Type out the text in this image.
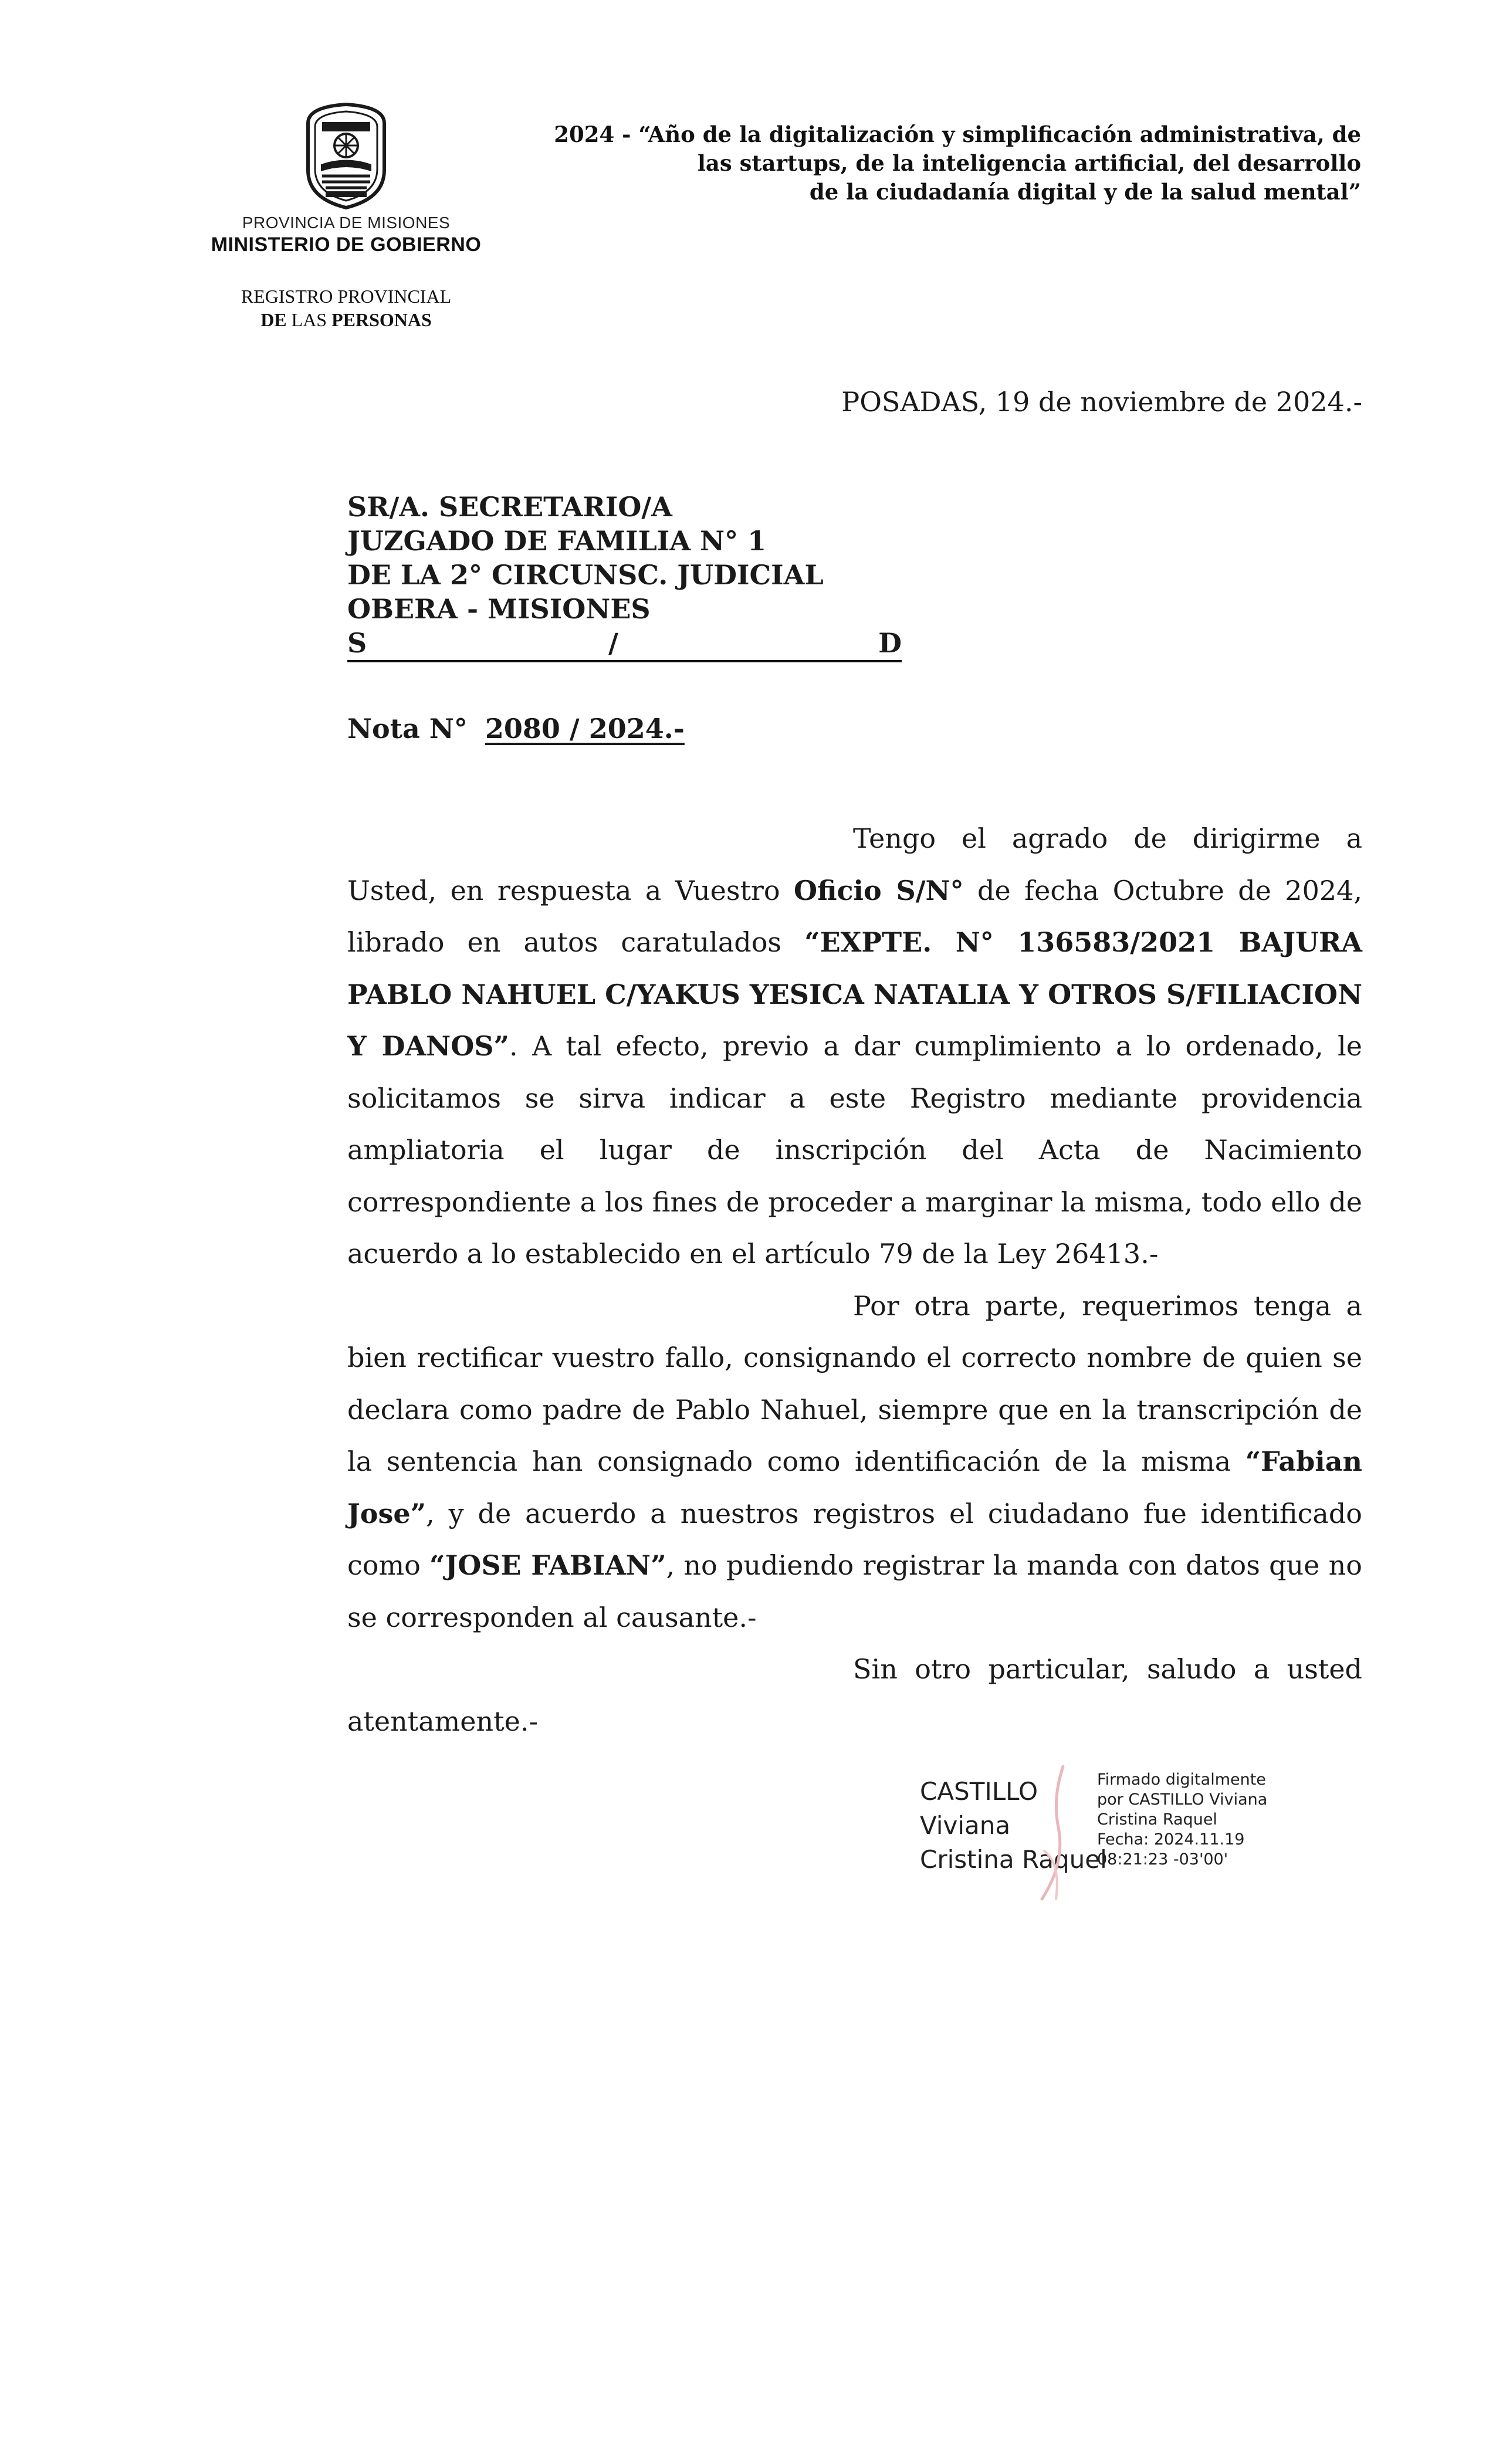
PROVINCIA DE MISIONES
MINISTERIO DE GOBIERNO
REGISTRO PROVINCIAL
DE LAS PERSONAS
2024 - “Año de la digitalización y simplificación administrativa, de
las startups, de la inteligencia artificial, del desarrollo
de la ciudadanía digital y de la salud mental”
POSADAS, 19 de noviembre de 2024.-
SR/A. SECRETARIO/A
JUZGADO DE FAMILIA N° 1
DE LA 2° CIRCUNSC. JUDICIAL
OBERA - MISIONES
S	/	D
Nota N° 2080 / 2024.-

Tengo el agrado de dirigirme a Usted, en respuesta a Vuestro Oficio S/N° de fecha Octubre de 2024, librado en autos caratulados “EXPTE. N° 136583/2021 BAJURA PABLO NAHUEL C/YAKUS YESICA NATALIA Y OTROS S/FILIACION Y DANOS”. A tal efecto, previo a dar cumplimiento a lo ordenado, le solicitamos se sirva indicar a este Registro mediante providencia ampliatoria el lugar de inscripción del Acta de Nacimiento correspondiente a los fines de proceder a marginar la misma, todo ello de acuerdo a lo establecido en el artículo 79 de la Ley 26413.-

Por otra parte, requerimos tenga a bien rectificar vuestro fallo, consignando el correcto nombre de quien se declara como padre de Pablo Nahuel, siempre que en la transcripción de la sentencia han consignado como identificación de la misma “Fabian Jose”, y de acuerdo a nuestros registros el ciudadano fue identificado como “JOSE FABIAN”, no pudiendo registrar la manda con datos que no se corresponden al causante.-

Sin otro particular, saludo a usted atentamente.-

CASTILLO
Viviana
Cristina Raquel
Firmado digitalmente
por CASTILLO Viviana
Cristina Raquel
Fecha: 2024.11.19
08:21:23 -03'00'
